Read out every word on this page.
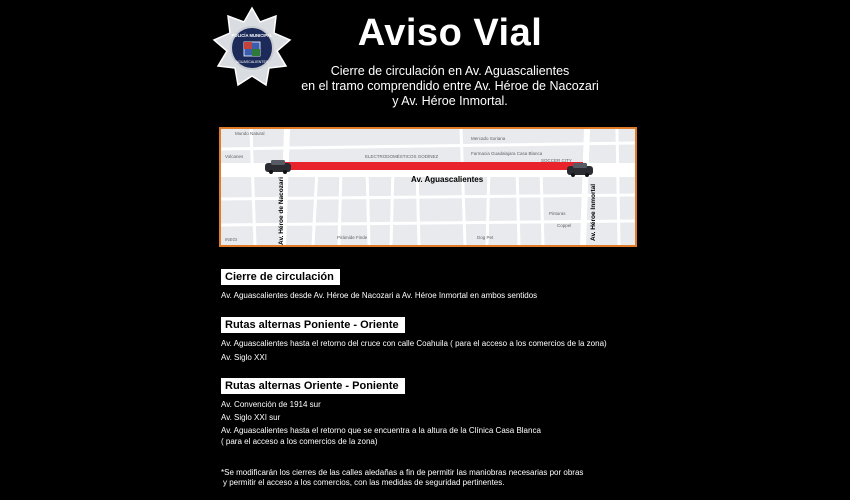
POLICÍA MUNICIPAL
AGUASCALIENTES
Aviso Vial
Cierre de circulación en Av. Aguascalientes
en el tramo comprendido entre Av. Héroe de Nacozari
y Av. Héroe Inmortal.
Mundo Natural
Volcanes	ELECTRODOMÉSTICOS GODÍNEZ
Mercado Soriana
Farmacia Guadalajara Casa Blanca
SOCCER CITY
INEGI	Pirámide Finde	Dog Pet
Pinturas
Coppel
Av. Aguascalientes
Av. Héroe de Nacozari	Av. Héroe Inmortal
Cierre de circulación
Av. Aguascalientes desde Av. Héroe de Nacozari a Av. Héroe Inmortal en ambos sentidos
Rutas alternas Poniente - Oriente
Av. Aguascalientes hasta el retorno del cruce con calle Coahuila ( para el acceso a los comercios de la zona)
Av. Siglo XXI
Rutas alternas Oriente - Poniente
Av. Convención de 1914 sur
Av. Siglo XXI sur
Av. Aguascalientes hasta el retorno que se encuentra a la altura de la Clínica Casa Blanca
( para el acceso a los comercios de la zona)
*Se modificarán los cierres de las calles aledañas a fin de permitir las maniobras necesarias por obras
y permitir el acceso a los comercios, con las medidas de seguridad pertinentes.
